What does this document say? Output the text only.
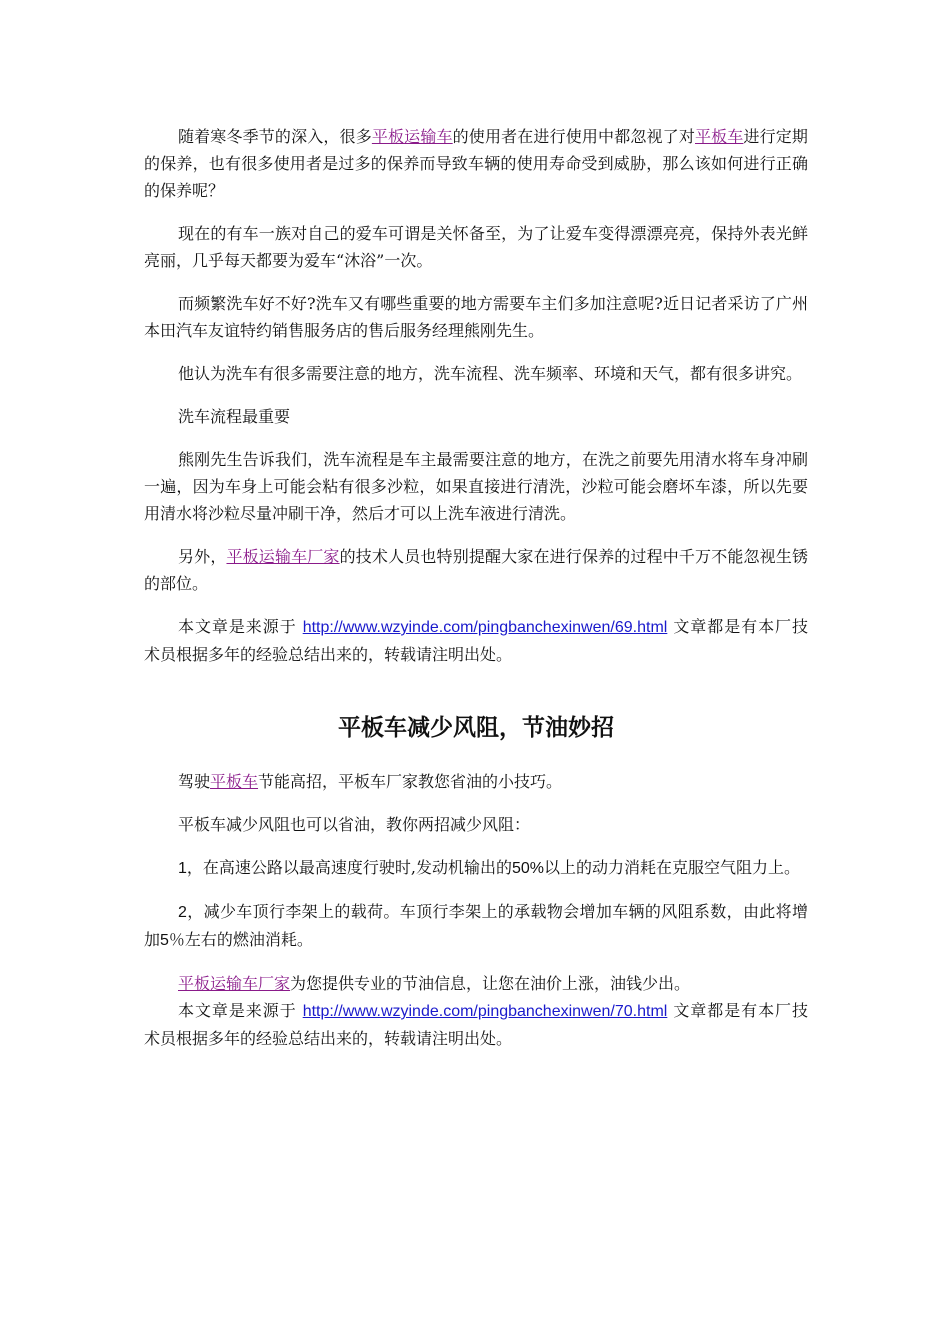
随着寒冬季节的深入，很多平板运输车的使用者在进行使用中都忽视了对平板车进行定期的保养，也有很多使用者是过多的保养而导致车辆的使用寿命受到威胁，那么该如何进行正确的保养呢？

现在的有车一族对自己的爱车可谓是关怀备至，为了让爱车变得漂漂亮亮，保持外表光鲜亮丽，几乎每天都要为爱车“沐浴”一次。

而频繁洗车好不好?洗车又有哪些重要的地方需要车主们多加注意呢?近日记者采访了广州本田汽车友谊特约销售服务店的售后服务经理熊刚先生。

他认为洗车有很多需要注意的地方，洗车流程、洗车频率、环境和天气，都有很多讲究。

洗车流程最重要

熊刚先生告诉我们，洗车流程是车主最需要注意的地方，在洗之前要先用清水将车身冲刷一遍，因为车身上可能会粘有很多沙粒，如果直接进行清洗，沙粒可能会磨坏车漆，所以先要用清水将沙粒尽量冲刷干净，然后才可以上洗车液进行清洗。

另外，平板运输车厂家的技术人员也特别提醒大家在进行保养的过程中千万不能忽视生锈的部位。

本文章是来源于 http://www.wzyinde.com/pingbanchexinwen/69.html 文章都是有本厂技术员根据多年的经验总结出来的，转载请注明出处。

平板车减少风阻，节油妙招

驾驶平板车节能高招，平板车厂家教您省油的小技巧。

平板车减少风阻也可以省油，教你两招减少风阻：

1，在高速公路以最高速度行驶时,发动机输出的50%以上的动力消耗在克服空气阻力上。

2，减少车顶行李架上的载荷。车顶行李架上的承载物会增加车辆的风阻系数，由此将增加5％左右的燃油消耗。

平板运输车厂家为您提供专业的节油信息，让您在油价上涨，油钱少出。

本文章是来源于 http://www.wzyinde.com/pingbanchexinwen/70.html 文章都是有本厂技术员根据多年的经验总结出来的，转载请注明出处。
